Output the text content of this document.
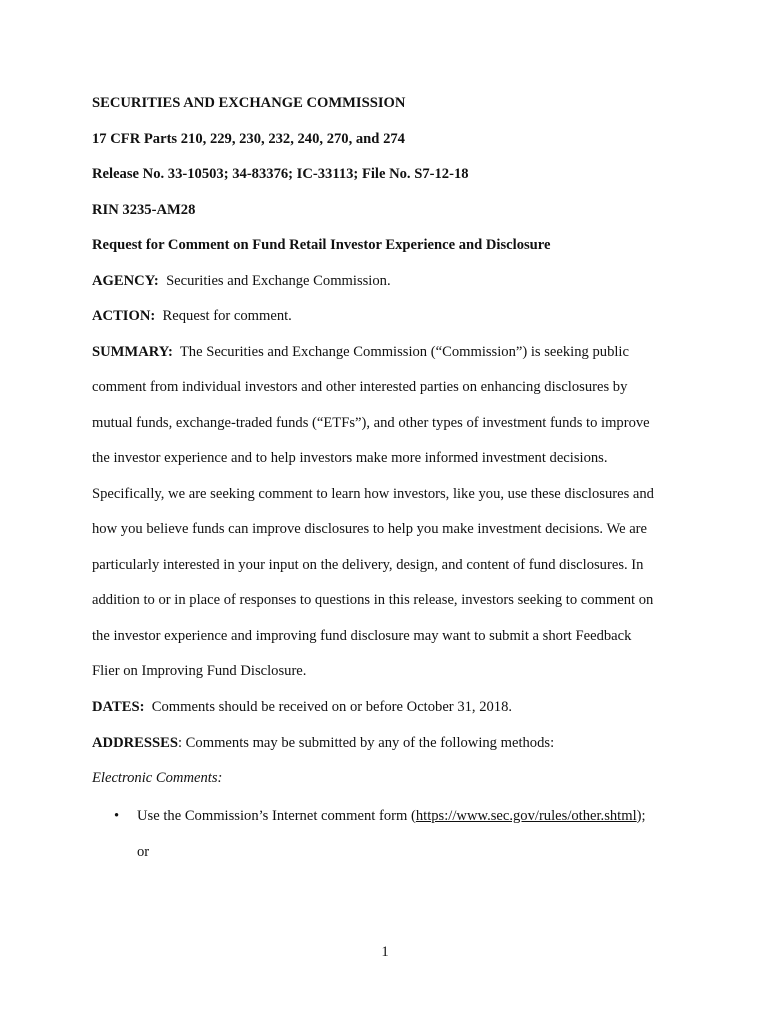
SECURITIES AND EXCHANGE COMMISSION
17 CFR Parts 210, 229, 230, 232, 240, 270, and 274
Release No. 33-10503; 34-83376; IC-33113; File No. S7-12-18
RIN 3235-AM28
Request for Comment on Fund Retail Investor Experience and Disclosure
AGENCY: Securities and Exchange Commission.
ACTION: Request for comment.
SUMMARY: The Securities and Exchange Commission (“Commission”) is seeking public
comment from individual investors and other interested parties on enhancing disclosures by
mutual funds, exchange-traded funds (“ETFs”), and other types of investment funds to improve
the investor experience and to help investors make more informed investment decisions.
Specifically, we are seeking comment to learn how investors, like you, use these disclosures and
how you believe funds can improve disclosures to help you make investment decisions. We are
particularly interested in your input on the delivery, design, and content of fund disclosures. In
addition to or in place of responses to questions in this release, investors seeking to comment on
the investor experience and improving fund disclosure may want to submit a short Feedback
Flier on Improving Fund Disclosure.
DATES: Comments should be received on or before October 31, 2018.
ADDRESSES: Comments may be submitted by any of the following methods:
Electronic Comments:
• Use the Commission’s Internet comment form (https://www.sec.gov/rules/other.shtml);
or
1
